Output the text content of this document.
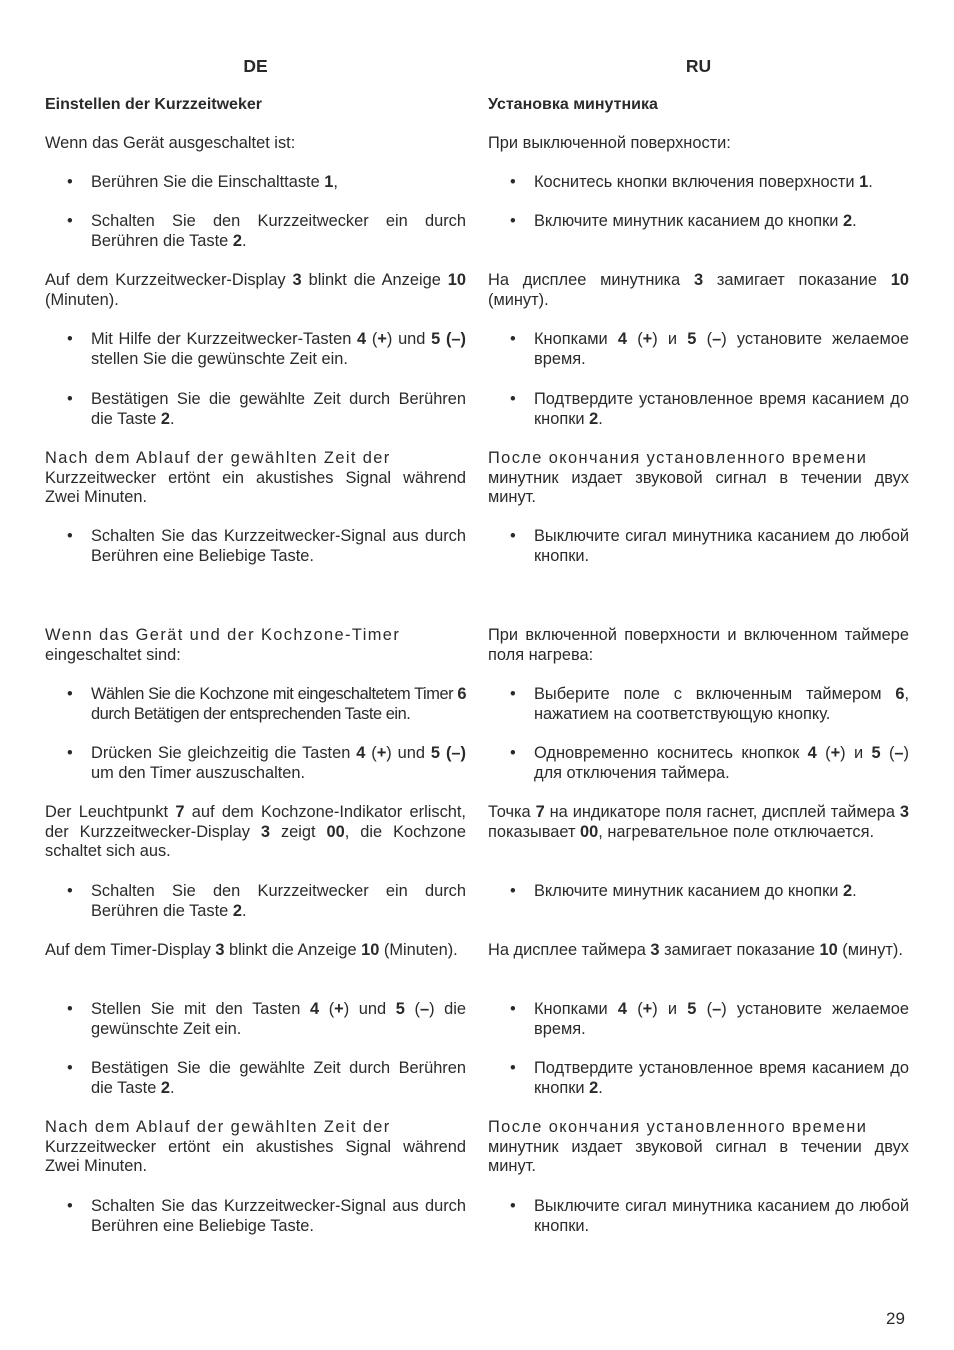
DE
Einstellen der Kurzzeitweker
Wenn das Gerät ausgeschaltet ist:
• Berühren Sie die Einschalttaste 1,
• Schalten Sie den Kurzzeitwecker ein durch Berühren die Taste 2.
Auf dem Kurzzeitwecker-Display 3 blinkt die Anzeige 10 (Minuten).
• Mit Hilfe der Kurzzeitwecker-Tasten 4 (+) und 5 (–) stellen Sie die gewünschte Zeit ein.
• Bestätigen Sie die gewählte Zeit durch Berühren die Taste 2.
Nach dem Ablauf der gewählten Zeit der
Kurzzeitwecker ertönt ein akustishes Signal während Zwei Minuten.
• Schalten Sie das Kurzzeitwecker-Signal aus durch Berühren eine Beliebige Taste.
Wenn das Gerät und der Kochzone-Timer
eingeschaltet sind:
• Wählen Sie die Kochzone mit eingeschaltetem Timer 6 durch Betätigen der entsprechenden Taste ein.
• Drücken Sie gleichzeitig die Tasten 4 (+) und 5 (–) um den Timer auszuschalten.
Der Leuchtpunkt 7 auf dem Kochzone-Indikator erlischt, der Kurzzeitwecker-Display 3 zeigt 00, die Kochzone schaltet sich aus.
• Schalten Sie den Kurzzeitwecker ein durch Berühren die Taste 2.
Auf dem Timer-Display 3 blinkt die Anzeige 10 (Minuten).
• Stellen Sie mit den Tasten 4 (+) und 5 (–) die gewünschte Zeit ein.
• Bestätigen Sie die gewählte Zeit durch Berühren die Taste 2.
Nach dem Ablauf der gewählten Zeit der
Kurzzeitwecker ertönt ein akustishes Signal während Zwei Minuten.
• Schalten Sie das Kurzzeitwecker-Signal aus durch Berühren eine Beliebige Taste.
RU
Установка минутника
При выключенной поверхности:
• Коснитесь кнопки включения поверхности 1.
• Включите минутник касанием до кнопки 2.
На дисплее минутника 3 замигает показание 10 (минут).
• Кнопками 4 (+) и 5 (–) установите желаемое время.
• Подтвердите установленное время касанием до кнопки 2.
После окончания установленного времени
минутник издает звуковой сигнал в течении двух минут.
• Выключите сигал минутника касанием до любой кнопки.
При включенной поверхности и включенном таймере поля нагрева:
• Выберите поле с включенным таймером 6, нажатием на соответствующую кнопку.
• Одновременно коснитесь кнопкок 4 (+) и 5 (–) для отключения таймера.
Точка 7 на индикаторе поля гаснет, дисплей таймера 3 показывает 00, нагревательное поле отключается.
• Включите минутник касанием до кнопки 2.
На дисплее таймера 3 замигает показание 10 (минут).
• Кнопками 4 (+) и 5 (–) установите желаемое время.
• Подтвердите установленное время касанием до кнопки 2.
После окончания установленного времени
минутник издает звуковой сигнал в течении двух минут.
• Выключите сигал минутника касанием до любой кнопки.
29
